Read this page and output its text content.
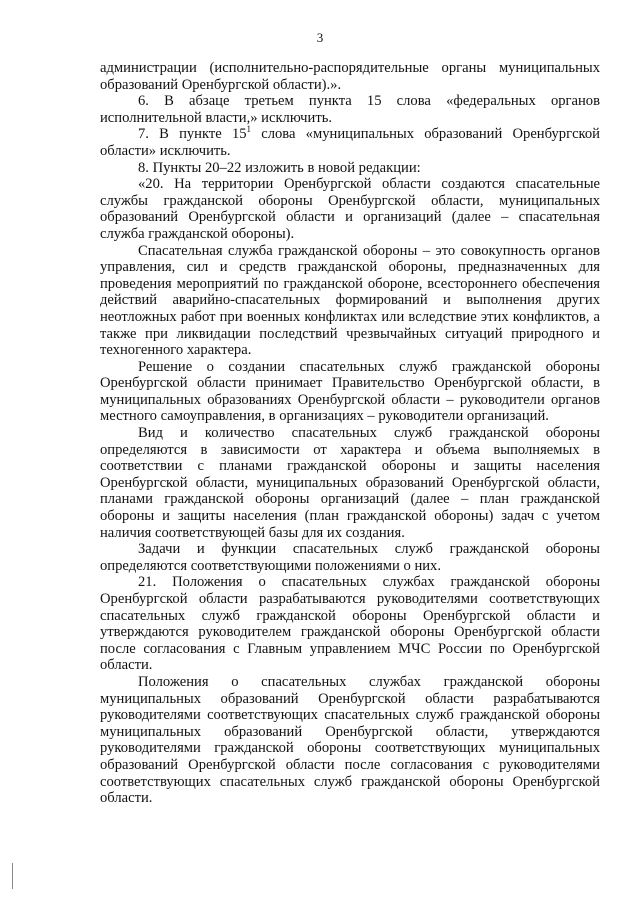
3

администрации (исполнительно-распорядительные органы муниципальных образований Оренбургской области).».

6. В абзаце третьем пункта 15 слова «федеральных органов исполнительной власти,» исключить.

7. В пункте $15^1$ слова «муниципальных образований Оренбургской области» исключить.

8. Пункты 20–22 изложить в новой редакции:

«20. На территории Оренбургской области создаются спасательные службы гражданской обороны Оренбургской области, муниципальных образований Оренбургской области и организаций (далее – спасательная служба гражданской обороны).

Спасательная служба гражданской обороны – это совокупность органов управления, сил и средств гражданской обороны, предназначенных для проведения мероприятий по гражданской обороне, всестороннего обеспечения действий аварийно-спасательных формирований и выполнения других неотложных работ при военных конфликтах или вследствие этих конфликтов, а также при ликвидации последствий чрезвычайных ситуаций природного и техногенного характера.

Решение о создании спасательных служб гражданской обороны Оренбургской области принимает Правительство Оренбургской области, в муниципальных образованиях Оренбургской области – руководители органов местного самоуправления, в организациях – руководители организаций.

Вид и количество спасательных служб гражданской обороны определяются в зависимости от характера и объема выполняемых в соответствии с планами гражданской обороны и защиты населения Оренбургской области, муниципальных образований Оренбургской области, планами гражданской обороны организаций (далее – план гражданской обороны и защиты населения (план гражданской обороны) задач с учетом наличия соответствующей базы для их создания.

Задачи и функции спасательных служб гражданской обороны определяются соответствующими положениями о них.

21. Положения о спасательных службах гражданской обороны Оренбургской области разрабатываются руководителями соответствующих спасательных служб гражданской обороны Оренбургской области и утверждаются руководителем гражданской обороны Оренбургской области после согласования с Главным управлением МЧС России по Оренбургской области.

Положения о спасательных службах гражданской обороны муниципальных образований Оренбургской области разрабатываются руководителями соответствующих спасательных служб гражданской обороны муниципальных образований Оренбургской области, утверждаются руководителями гражданской обороны соответствующих муниципальных образований Оренбургской области после согласования с руководителями соответствующих спасательных служб гражданской обороны Оренбургской области.
